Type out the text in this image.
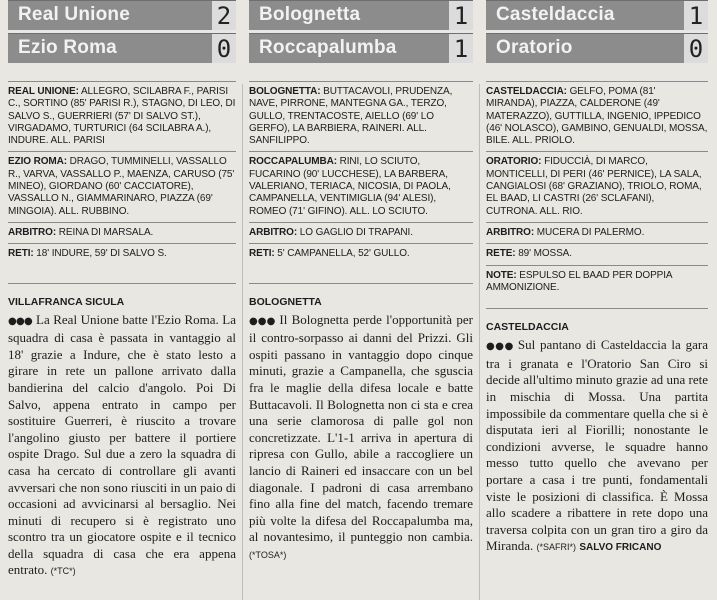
Real Unione	2
Ezio Roma	0

REAL UNIONE: ALLEGRO, SCILABRA F., PARISI C., SORTINO (85' PARISI R.), STAGNO, DI LEO, DI SALVO S., GUERRIERI (57' DI SALVO ST.), VIRGADAMO, TURTURICI (64 SCILABRA A.), INDURE. ALL. PARISI

EZIO ROMA: DRAGO, TUMMINELLI, VASSALLO R., VARVA, VASSALLO P., MAENZA, CARUSO (75' MINEO), GIORDANO (60' CACCIATORE), VASSALLO N., GIAMMARINARO, PIAZZA (69' MINGOIA). ALL. RUBBINO.

ARBITRO: REINA DI MARSALA.

RETI: 18' INDURE, 59' DI SALVO S.

VILLAFRANCA SICULA

●●● La Real Unione batte l'Ezio Roma. La squadra di casa è passata in vantaggio al 18' grazie a Indure, che è stato lesto a girare in rete un pallone arrivato dalla bandierina del calcio d'angolo. Poi Di Salvo, appena entrato in campo per sostituire Guerreri, è riuscito a trovare l'angolino giusto per battere il portiere ospite Drago. Sul due a zero la squadra di casa ha cercato di controllare gli avanti avversari che non sono riusciti in un paio di occasioni ad avvicinarsi al bersaglio. Nei minuti di recupero si è registrato uno scontro tra un giocatore ospite e il tecnico della squadra di casa che era appena entrato. (*TC*)

Bolognetta	1
Roccapalumba 1

BOLOGNETTA: BUTTACAVOLI, PRUDENZA, NAVE, PIRRONE, MANTEGNA GA., TERZO, GULLO, TRENTACOSTE, AIELLO (69' LO GERFO), LA BARBIERA, RAINERI. ALL. SANFILIPPO.

ROCCAPALUMBA: RINI, LO SCIUTO, FUCARINO (90' LUCCHESE), LA BARBERA, VALERIANO, TERIACA, NICOSIA, DI PAOLA, CAMPANELLA, VENTIMIGLIA (94' ALESI), ROMEO (71' GIFINO). ALL. LO SCIUTO.

ARBITRO: LO GAGLIO DI TRAPANI.

RETI: 5' CAMPANELLA, 52' GULLO.

BOLOGNETTA

●●● Il Bolognetta perde l'opportunità per il contro-sorpasso ai danni del Prizzi. Gli ospiti passano in vantaggio dopo cinque minuti, grazie a Campanella, che sguscia fra le maglie della difesa locale e batte Buttacavoli. Il Bolognetta non ci sta e crea una serie clamorosa di palle gol non concretizzate. L'1-1 arriva in apertura di ripresa con Gullo, abile a raccogliere un lancio di Raineri ed insaccare con un bel diagonale. I padroni di casa arrembano fino alla fine del match, facendo tremare più volte la difesa del Roccapalumba ma, al novantesimo, il punteggio non cambia. (*TOSA*)

Casteldaccia	1
Oratorio	0

CASTELDACCIA: GELFO, POMA (81' MIRANDA), PIAZZA, CALDERONE (49' MATERAZZO), GUTTILLA, INGENIO, IPPEDICO (46' NOLASCO), GAMBINO, GENUALDI, MOSSA, BILE. ALL. PRIOLO.

ORATORIO: FIDUCCIÀ, DI MARCO, MONTICELLI, DI PERI (46' PERNICE), LA SALA, CANGIALOSI (68' GRAZIANO), TRIOLO, ROMA, EL BAAD, LI CASTRI (26' SCLAFANI), CUTRONA. ALL. RIO.

ARBITRO: MUCERA DI PALERMO.

RETE: 89' MOSSA.

NOTE: ESPULSO EL BAAD PER DOPPIA AMMONIZIONE.

CASTELDACCIA

●●● Sul pantano di Casteldaccia la gara tra i granata e l'Oratorio San Ciro si decide all'ultimo minuto grazie ad una rete in mischia di Mossa. Una partita impossibile da commentare quella che si è disputata ieri al Fiorilli; nonostante le condizioni avverse, le squadre hanno messo tutto quello che avevano per portare a casa i tre punti, fondamentali viste le posizioni di classifica. È Mossa allo scadere a ribattere in rete dopo una traversa colpita con un gran tiro a giro da Miranda. (*SAFRI*) SALVO FRICANO
